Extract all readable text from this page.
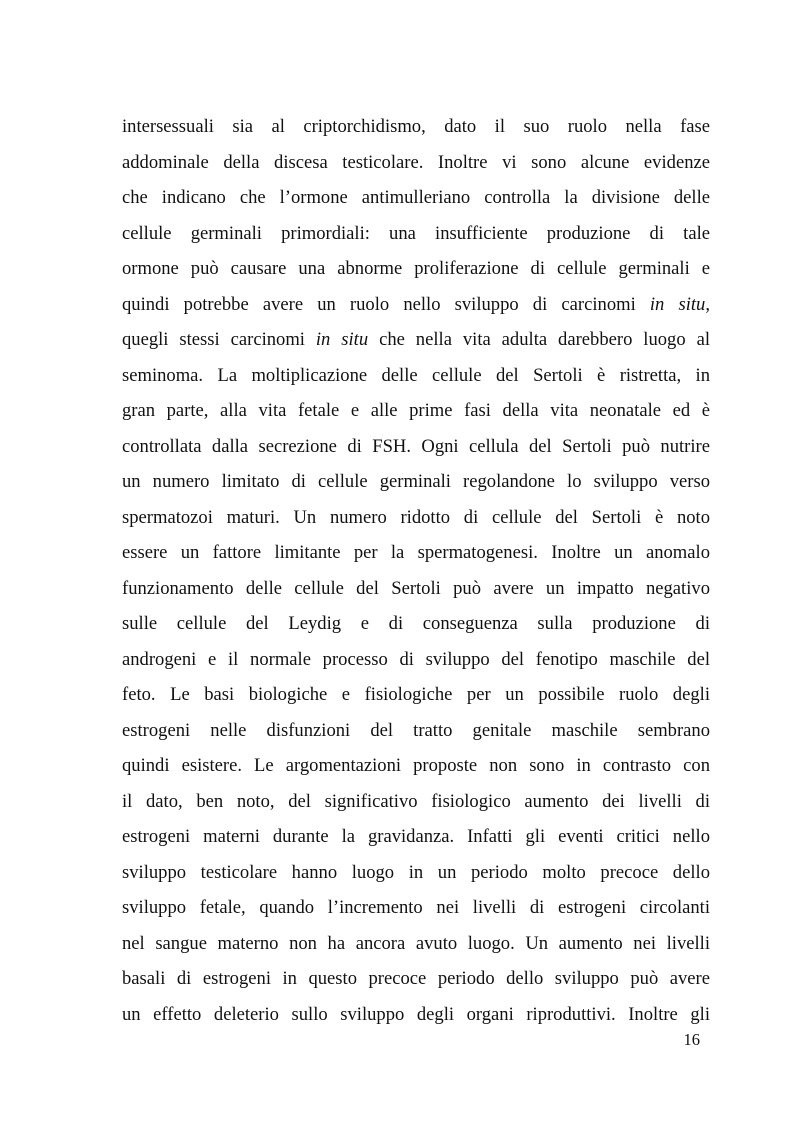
intersessuali sia al criptorchidismo, dato il suo ruolo nella fase
addominale della discesa testicolare. Inoltre vi sono alcune evidenze
che indicano che l’ormone antimulleriano controlla la divisione delle
cellule germinali primordiali: una insufficiente produzione di tale
ormone può causare una abnorme proliferazione di cellule germinali e
quindi potrebbe avere un ruolo nello sviluppo di carcinomi in situ,
quegli stessi carcinomi in situ che nella vita adulta darebbero luogo al
seminoma. La moltiplicazione delle cellule del Sertoli è ristretta, in
gran parte, alla vita fetale e alle prime fasi della vita neonatale ed è
controllata dalla secrezione di FSH. Ogni cellula del Sertoli può nutrire
un numero limitato di cellule germinali regolandone lo sviluppo verso
spermatozoi maturi. Un numero ridotto di cellule del Sertoli è noto
essere un fattore limitante per la spermatogenesi. Inoltre un anomalo
funzionamento delle cellule del Sertoli può avere un impatto negativo
sulle cellule del Leydig e di conseguenza sulla produzione di
androgeni e il normale processo di sviluppo del fenotipo maschile del
feto. Le basi biologiche e fisiologiche per un possibile ruolo degli
estrogeni nelle disfunzioni del tratto genitale maschile sembrano
quindi esistere. Le argomentazioni proposte non sono in contrasto con
il dato, ben noto, del significativo fisiologico aumento dei livelli di
estrogeni materni durante la gravidanza. Infatti gli eventi critici nello
sviluppo testicolare hanno luogo in un periodo molto precoce dello
sviluppo fetale, quando l’incremento nei livelli di estrogeni circolanti
nel sangue materno non ha ancora avuto luogo. Un aumento nei livelli
basali di estrogeni in questo precoce periodo dello sviluppo può avere
un effetto deleterio sullo sviluppo degli organi riproduttivi. Inoltre gli
16
